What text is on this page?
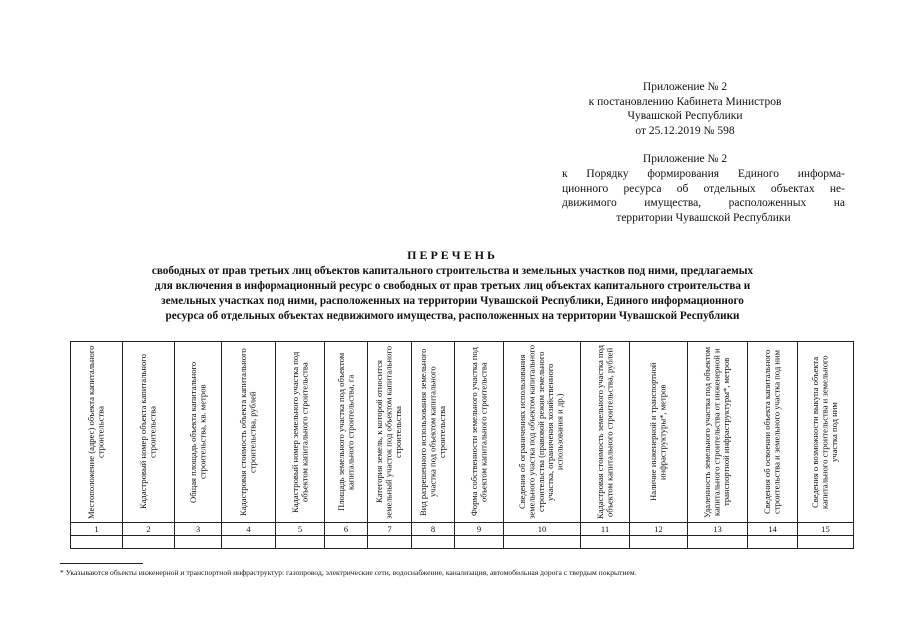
Приложение № 2
к постановлению Кабинета Министров
Чувашской Республики
от 25.12.2019 № 598
Приложение № 2
к Порядку формирования Единого информа-
ционного ресурса об отдельных объектах не-
движимого имущества, расположенных на
территории Чувашской Республики
ПЕРЕЧЕНЬ
свободных от прав третьих лиц объектов капитального строительства и земельных участков под ними, предлагаемых
для включения в информационный ресурс о свободных от прав третьих лиц объектах капитального строительства и
земельных участках под ними, расположенных на территории Чувашской Республики, Единого информационного
ресурса об отдельных объектах недвижимого имущества, расположенных на территории Чувашской Республики
Местоположение (адрес) объекта капитального строительства	Кадастровый номер объекта капитального строительства	Общая площадь объекта капитального строительства, кв. метров	Кадастровая стоимость объекта капитального строительства, рублей	Кадастровый номер земельного участка под объектом капитального строительства	Площадь земельного участка под объектом капитального строительства, га	Категория земель, к которой относится земельный участок под объектом капитального строительства	Вид разрешенного использования земельного участка под объектом капитального строительства	Форма собственности земельного участка под объектом капитального строительства	Сведения об ограничениях использования земельного участка под объектом капитального строительства (правовой режим земельного участка, ограничения хозяйственного использования и др.)	Кадастровая стоимость земельного участка под объектом капитального строительства, рублей	Наличие инженерной и транспортной инфраструктуры*, метров	Удаленность земельного участка под объектом капитального строительства от инженерной и транспортной инфраструктуры*, метров	Сведения об освоении объекта капитального строительства и земельного участка под ним	Сведения о возможности выкупа объекта капитального строительства и земельного участка под ним

1	2	3	4	5	6	7	8	9	10	11	12	13	14	15

* Указываются объекты инженерной и транспортной инфраструктур: газопровод, электрические сети, водоснабжение, канализация, автомобильная дорога с твердым покрытием.
